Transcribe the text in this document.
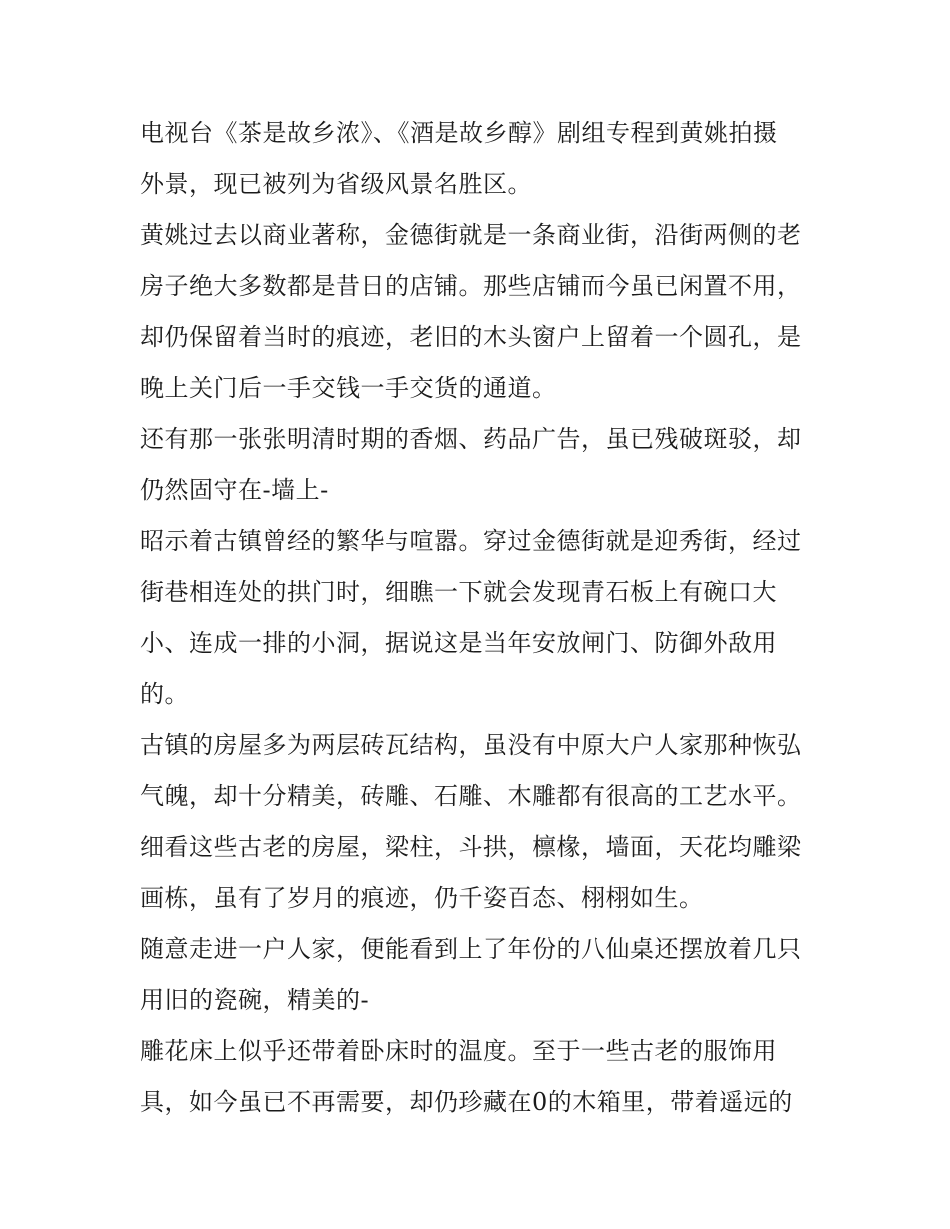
电视台《茶是故乡浓》、《酒是故乡醇》剧组专程到黄姚拍摄
外景，现已被列为省级风景名胜区。
黄姚过去以商业著称，金德街就是一条商业街，沿街两侧的老
房子绝大多数都是昔日的店铺。那些店铺而今虽已闲置不用，
却仍保留着当时的痕迹，老旧的木头窗户上留着一个圆孔，是
晚上关门后一手交钱一手交货的通道。
还有那一张张明清时期的香烟、药品广告，虽已残破斑驳，却
仍然固守在-墙上-
昭示着古镇曾经的繁华与喧嚣。穿过金德街就是迎秀街，经过
街巷相连处的拱门时，细瞧一下就会发现青石板上有碗口大
小、连成一排的小洞，据说这是当年安放闸门、防御外敌用
的。
古镇的房屋多为两层砖瓦结构，虽没有中原大户人家那种恢弘
气魄，却十分精美，砖雕、石雕、木雕都有很高的工艺水平。
细看这些古老的房屋，梁柱，斗拱，檩椽，墙面，天花均雕梁
画栋，虽有了岁月的痕迹，仍千姿百态、栩栩如生。
随意走进一户人家，便能看到上了年份的八仙桌还摆放着几只
用旧的瓷碗，精美的-
雕花床上似乎还带着卧床时的温度。至于一些古老的服饰用
具，如今虽已不再需要，却仍珍藏在0的木箱里，带着遥远的
